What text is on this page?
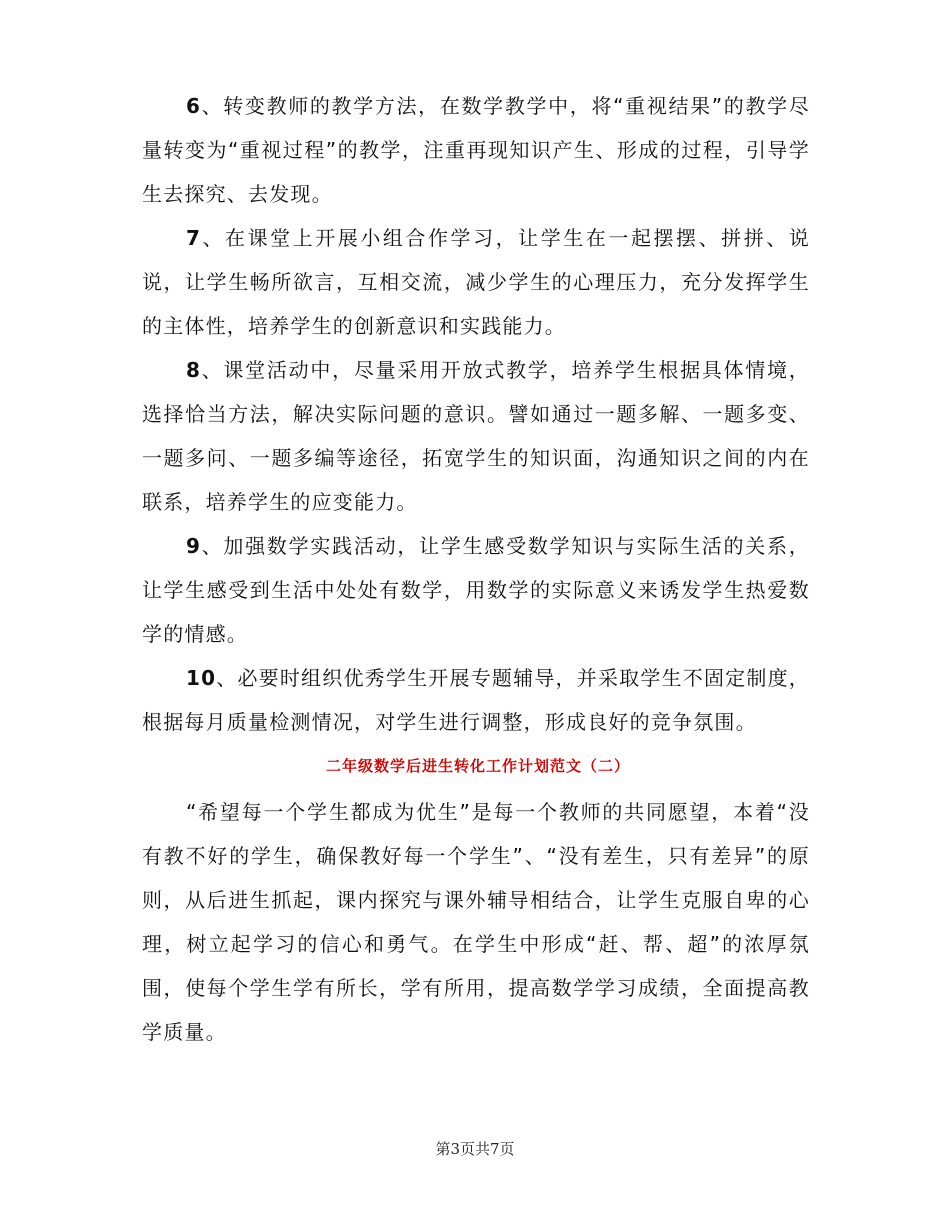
6、转变教师的教学方法，在数学教学中，将“重视结果”的教学尽量转变为“重视过程”的教学，注重再现知识产生、形成的过程，引导学生去探究、去发现。

7、在课堂上开展小组合作学习，让学生在一起摆摆、拼拼、说说，让学生畅所欲言，互相交流，减少学生的心理压力，充分发挥学生的主体性，培养学生的创新意识和实践能力。

8、课堂活动中，尽量采用开放式教学，培养学生根据具体情境，选择恰当方法，解决实际问题的意识。譬如通过一题多解、一题多变、一题多问、一题多编等途径，拓宽学生的知识面，沟通知识之间的内在联系，培养学生的应变能力。

9、加强数学实践活动，让学生感受数学知识与实际生活的关系，让学生感受到生活中处处有数学，用数学的实际意义来诱发学生热爱数学的情感。

10、必要时组织优秀学生开展专题辅导，并采取学生不固定制度，根据每月质量检测情况，对学生进行调整，形成良好的竞争氛围。

二年级数学后进生转化工作计划范文（二）

“希望每一个学生都成为优生”是每一个教师的共同愿望，本着“没有教不好的学生，确保教好每一个学生”、“没有差生，只有差异”的原则，从后进生抓起，课内探究与课外辅导相结合，让学生克服自卑的心理，树立起学习的信心和勇气。在学生中形成“赶、帮、超”的浓厚氛围，使每个学生学有所长，学有所用，提高数学学习成绩，全面提高教学质量。

第3页共7页
